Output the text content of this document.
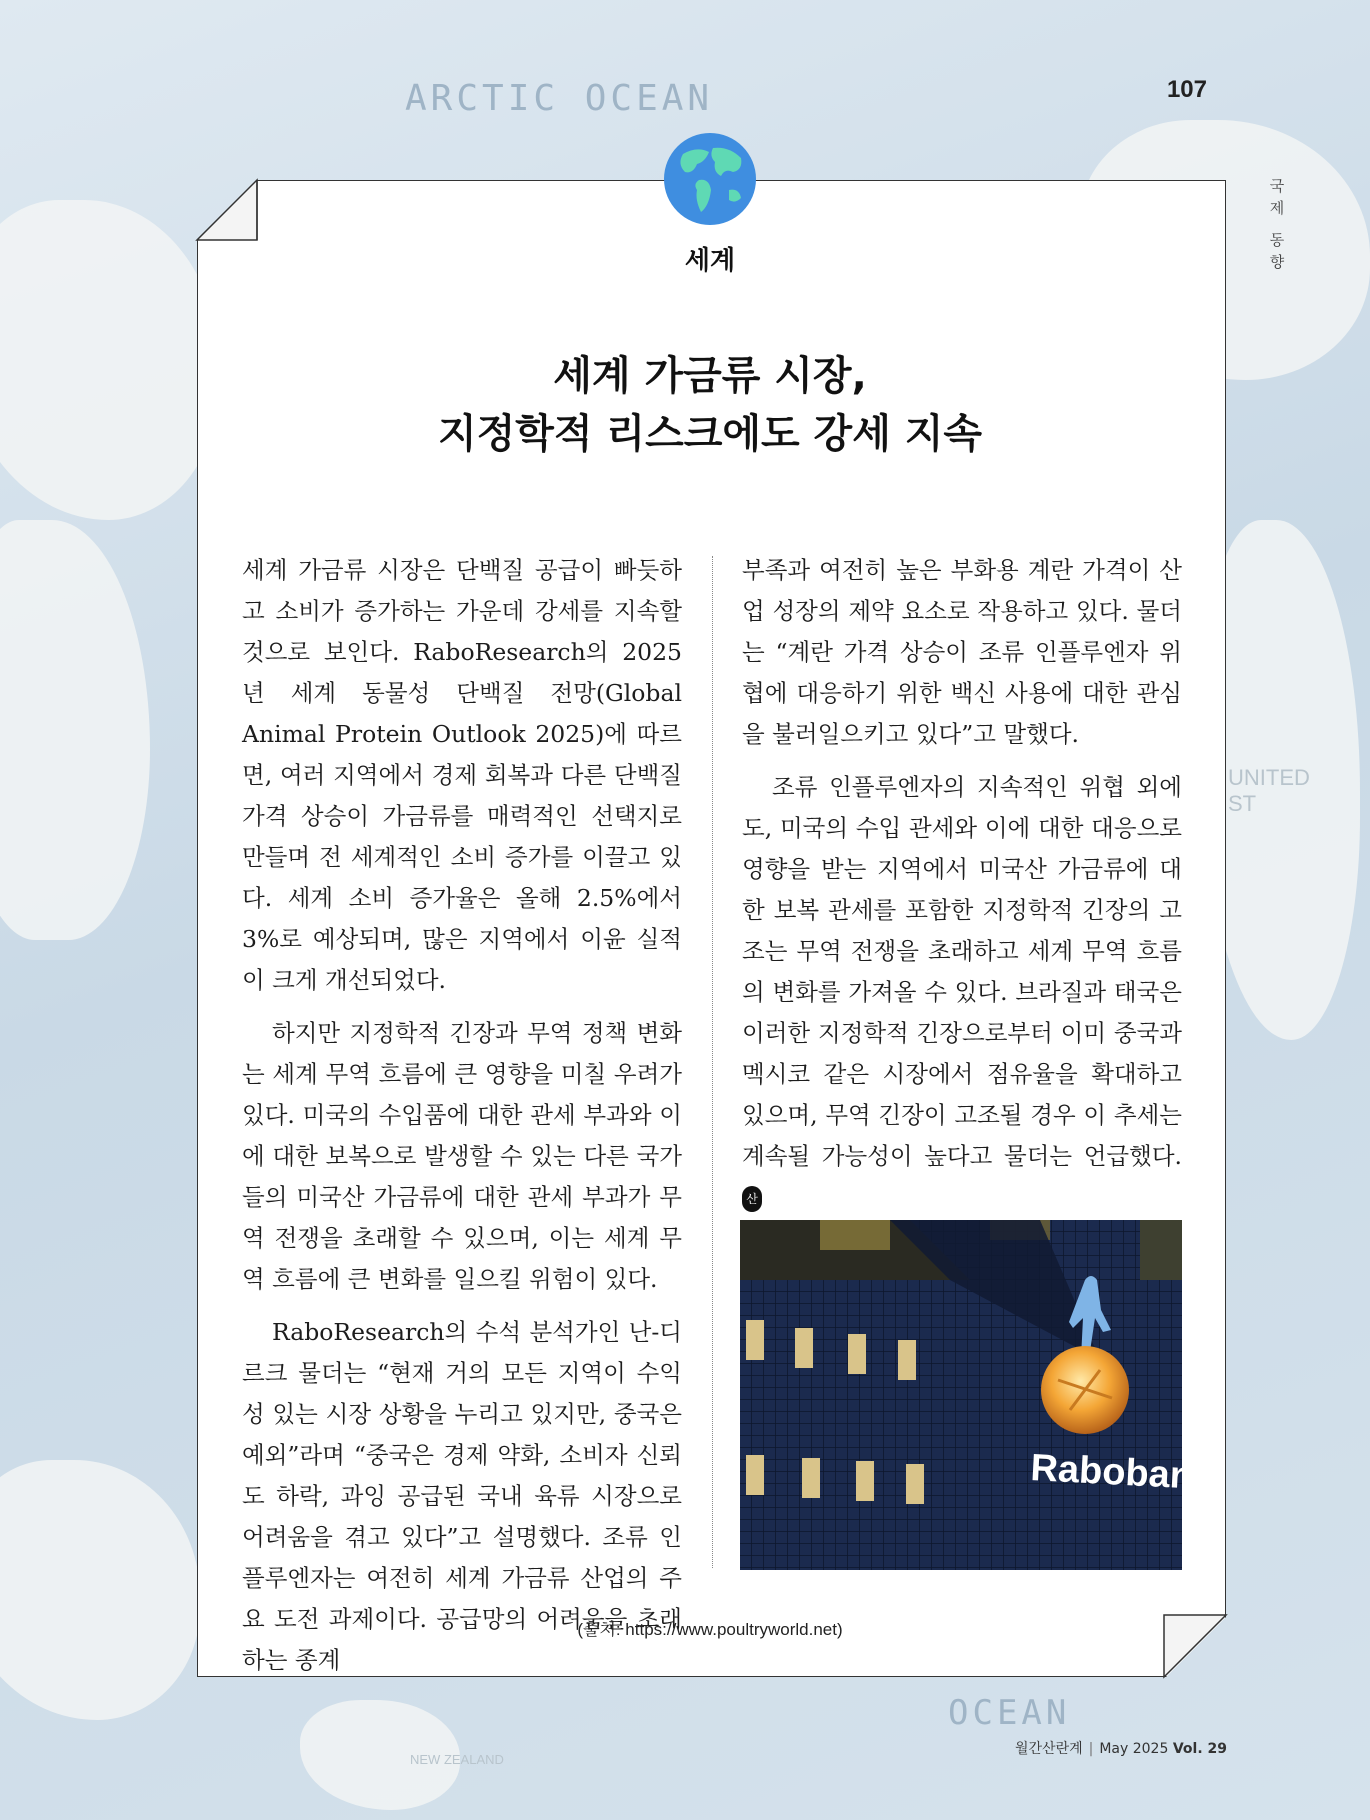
ARCTIC OCEAN
OCEAN
UNITED ST
NEW ZEALAND
107
국
제
동
향
세계
세계 가금류 시장,
지정학적 리스크에도 강세 지속

세계 가금류 시장은 단백질 공급이 빠듯하고 소비가 증가하는 가운데 강세를 지속할 것으로 보인다. RaboResearch의 2025년 세계 동물성 단백질 전망(Global Animal Protein Outlook 2025)에 따르면, 여러 지역에서 경제 회복과 다른 단백질 가격 상승이 가금류를 매력적인 선택지로 만들며 전 세계적인 소비 증가를 이끌고 있다. 세계 소비 증가율은 올해 2.5%에서 3%로 예상되며, 많은 지역에서 이윤 실적이 크게 개선되었다.

하지만 지정학적 긴장과 무역 정책 변화는 세계 무역 흐름에 큰 영향을 미칠 우려가 있다. 미국의 수입품에 대한 관세 부과와 이에 대한 보복으로 발생할 수 있는 다른 국가들의 미국산 가금류에 대한 관세 부과가 무역 전쟁을 초래할 수 있으며, 이는 세계 무역 흐름에 큰 변화를 일으킬 위험이 있다.

RaboResearch의 수석 분석가인 난-디르크 물더는 “현재 거의 모든 지역이 수익성 있는 시장 상황을 누리고 있지만, 중국은 예외”라며 “중국은 경제 약화, 소비자 신뢰도 하락, 과잉 공급된 국내 육류 시장으로 어려움을 겪고 있다”고 설명했다. 조류 인플루엔자는 여전히 세계 가금류 산업의 주요 도전 과제이다. 공급망의 어려움을 초래하는 종계

부족과 여전히 높은 부화용 계란 가격이 산업 성장의 제약 요소로 작용하고 있다. 물더는 “계란 가격 상승이 조류 인플루엔자 위협에 대응하기 위한 백신 사용에 대한 관심을 불러일으키고 있다”고 말했다.

조류 인플루엔자의 지속적인 위협 외에도, 미국의 수입 관세와 이에 대한 대응으로 영향을 받는 지역에서 미국산 가금류에 대한 보복 관세를 포함한 지정학적 긴장의 고조는 무역 전쟁을 초래하고 세계 무역 흐름의 변화를 가져올 수 있다. 브라질과 태국은 이러한 지정학적 긴장으로부터 이미 중국과 멕시코 같은 시장에서 점유율을 확대하고 있으며, 무역 긴장이 고조될 경우 이 추세는 계속될 가능성이 높다고 물더는 언급했다. 산

Rabobank
(출처: https://www.poultryworld.net)
월간산란계 | May 2025 Vol. 29
